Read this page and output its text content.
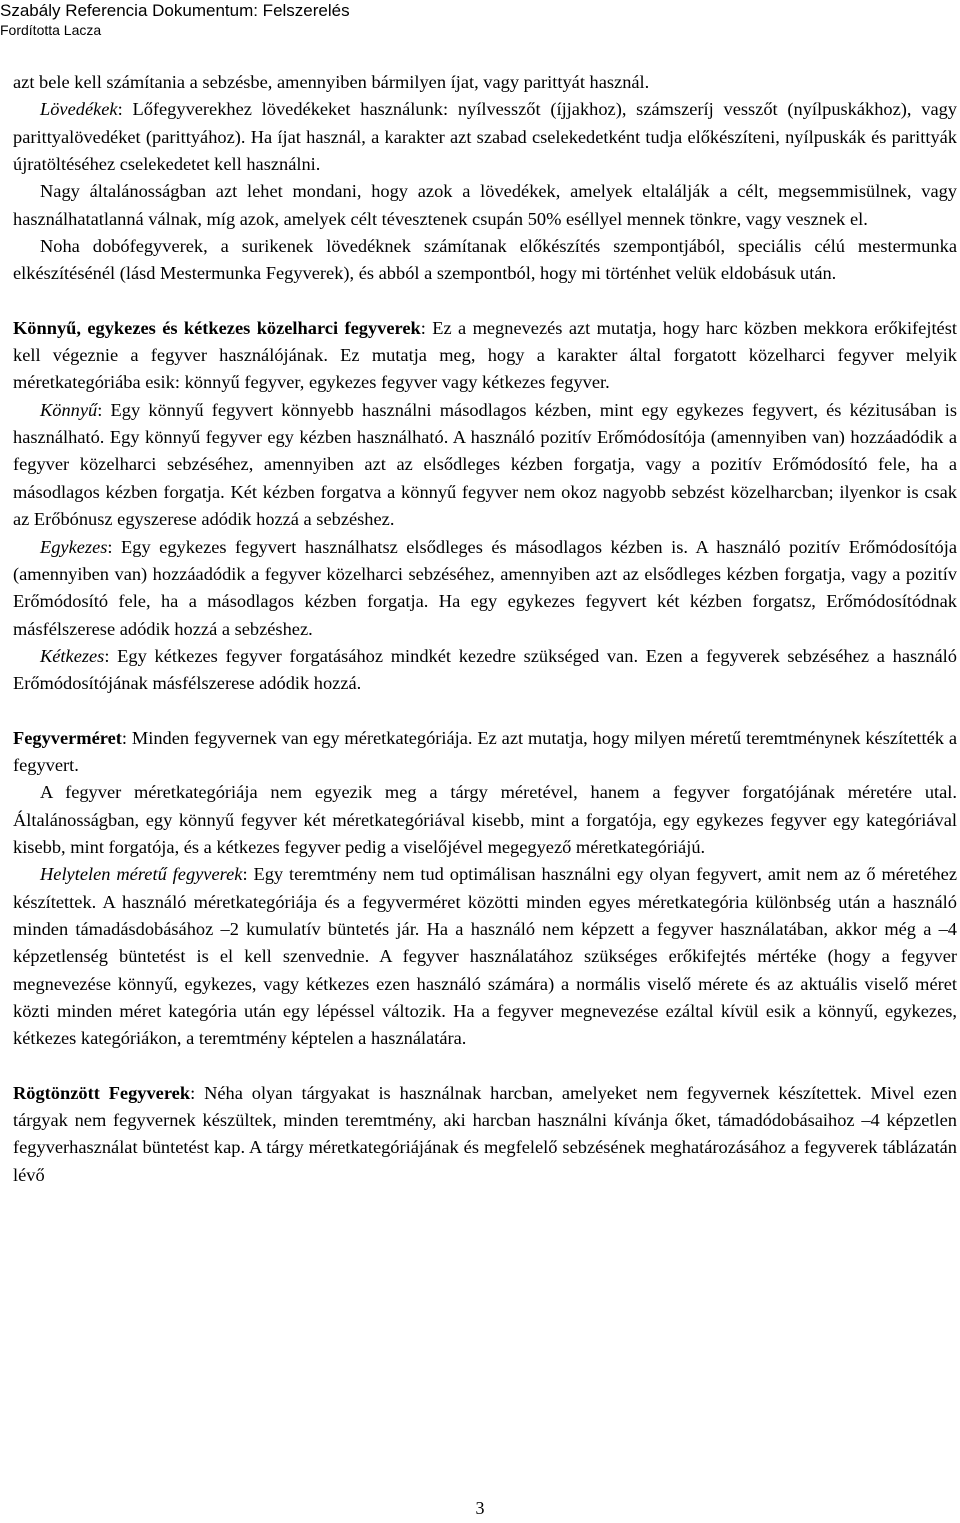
Szabály Referencia Dokumentum: Felszerelés
Fordította Lacza

azt bele kell számítania a sebzésbe, amennyiben bármilyen íjat, vagy parittyát használ.

Lövedékek: Lőfegyverekhez lövedékeket használunk: nyílvesszőt (íjjakhoz), számszeríj vesszőt (nyílpuskákhoz), vagy parittyalövedéket (parittyához). Ha íjat használ, a karakter azt szabad cselekedetként tudja előkészíteni, nyílpuskák és parittyák újratöltéséhez cselekedetet kell használni.

Nagy általánosságban azt lehet mondani, hogy azok a lövedékek, amelyek eltalálják a célt, megsemmisülnek, vagy használhatatlanná válnak, míg azok, amelyek célt tévesztenek csupán 50% eséllyel mennek tönkre, vagy vesznek el.

Noha dobófegyverek, a surikenek lövedéknek számítanak előkészítés szempontjából, speciális célú mestermunka elkészítésénél (lásd Mestermunka Fegyverek), és abból a szempontból, hogy mi történhet velük eldobásuk után.

Könnyű, egykezes és kétkezes közelharci fegyverek: Ez a megnevezés azt mutatja, hogy harc közben mekkora erőkifejtést kell végeznie a fegyver használójának. Ez mutatja meg, hogy a karakter által forgatott közelharci fegyver melyik méretkategóriába esik: könnyű fegyver, egykezes fegyver vagy kétkezes fegyver.

Könnyű: Egy könnyű fegyvert könnyebb használni másodlagos kézben, mint egy egykezes fegyvert, és kézitusában is használható. Egy könnyű fegyver egy kézben használható. A használó pozitív Erőmódosítója (amennyiben van) hozzáadódik a fegyver közelharci sebzéséhez, amennyiben azt az elsődleges kézben forgatja, vagy a pozitív Erőmódosító fele, ha a másodlagos kézben forgatja. Két kézben forgatva a könnyű fegyver nem okoz nagyobb sebzést közelharcban; ilyenkor is csak az Erőbónusz egyszerese adódik hozzá a sebzéshez.

Egykezes: Egy egykezes fegyvert használhatsz elsődleges és másodlagos kézben is. A használó pozitív Erőmódosítója (amennyiben van) hozzáadódik a fegyver közelharci sebzéséhez, amennyiben azt az elsődleges kézben forgatja, vagy a pozitív Erőmódosító fele, ha a másodlagos kézben forgatja. Ha egy egykezes fegyvert két kézben forgatsz, Erőmódosítódnak másfélszerese adódik hozzá a sebzéshez.

Kétkezes: Egy kétkezes fegyver forgatásához mindkét kezedre szükséged van. Ezen a fegyverek sebzéséhez a használó Erőmódosítójának másfélszerese adódik hozzá.

Fegyverméret: Minden fegyvernek van egy méretkategóriája. Ez azt mutatja, hogy milyen méretű teremtménynek készítették a fegyvert.

A fegyver méretkategóriája nem egyezik meg a tárgy méretével, hanem a fegyver forgatójának méretére utal. Általánosságban, egy könnyű fegyver két méretkategóriával kisebb, mint a forgatója, egy egykezes fegyver egy kategóriával kisebb, mint forgatója, és a kétkezes fegyver pedig a viselőjével megegyező méretkategóriájú.

Helytelen méretű fegyverek: Egy teremtmény nem tud optimálisan használni egy olyan fegyvert, amit nem az ő méretéhez készítettek. A használó méretkategóriája és a fegyverméret közötti minden egyes méretkategória különbség után a használó minden támadásdobásához –2 kumulatív büntetés jár. Ha a használó nem képzett a fegyver használatában, akkor még a –4 képzetlenség büntetést is el kell szenvednie. A fegyver használatához szükséges erőkifejtés mértéke (hogy a fegyver megnevezése könnyű, egykezes, vagy kétkezes ezen használó számára) a normális viselő mérete és az aktuális viselő méret közti minden méret kategória után egy lépéssel változik. Ha a fegyver megnevezése ezáltal kívül esik a könnyű, egykezes, kétkezes kategóriákon, a teremtmény képtelen a használatára.

Rögtönzött Fegyverek: Néha olyan tárgyakat is használnak harcban, amelyeket nem fegyvernek készítettek. Mivel ezen tárgyak nem fegyvernek készültek, minden teremtmény, aki harcban használni kívánja őket, támadódobásaihoz –4 képzetlen fegyverhasználat büntetést kap. A tárgy méretkategóriájának és megfelelő sebzésének meghatározásához a fegyverek táblázatán lévő

3
